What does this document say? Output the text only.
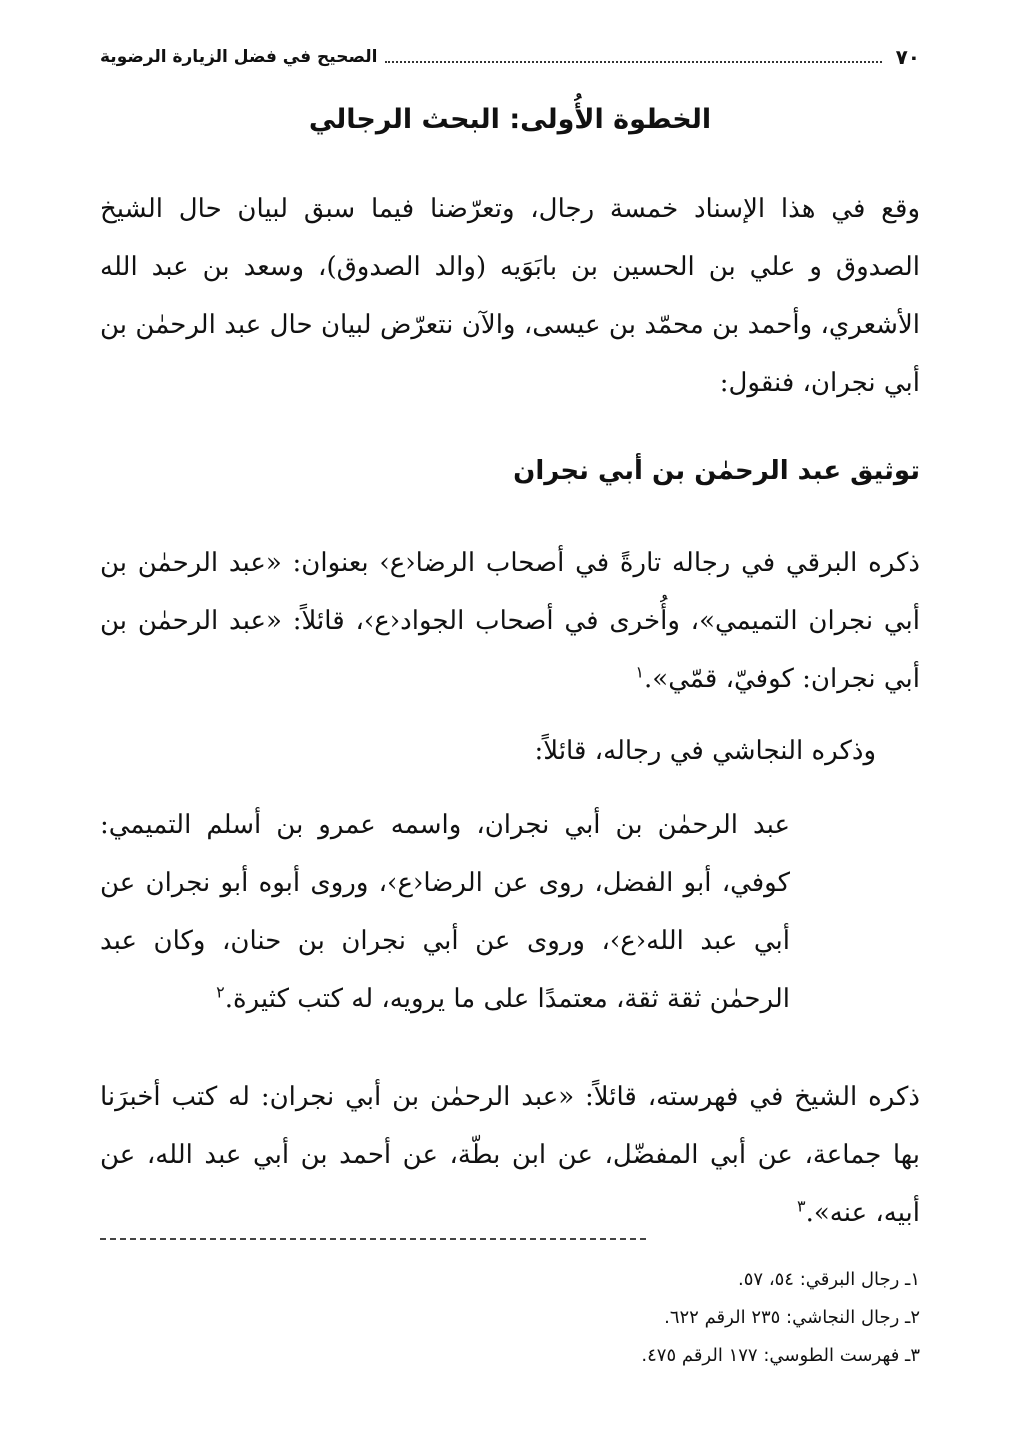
٧٠
الصحيح في فضل الزيارة الرضوية
الخطوة الأُولى: البحث الرجالي

وقع في هذا الإسناد خمسة رجال، وتعرّضنا فيما سبق لبيان حال الشيخ الصدوق و علي بن الحسين بن بابَوَيه (والد الصدوق)، وسعد بن عبد الله الأشعري، وأحمد بن محمّد بن عيسى، والآن نتعرّض لبيان حال عبد الرحمٰن بن أبي نجران، فنقول:

توثيق عبد الرحمٰن بن أبي نجران

ذكره البرقي في رجاله تارةً في أصحاب الرضا‹ع› بعنوان: «عبد الرحمٰن بن أبي نجران التميمي»، وأُخرى في أصحاب الجواد‹ع›، قائلاً: «عبد الرحمٰن بن أبي نجران: كوفيّ، قمّي».$^١$

وذكره النجاشي في رجاله، قائلاً:

عبد الرحمٰن بن أبي نجران، واسمه عمرو بن أسلم التميمي: كوفي، أبو الفضل، روى عن الرضا‹ع›، وروى أبوه أبو نجران عن أبي عبد الله‹ع›، وروى عن أبي نجران بن حنان، وكان عبد الرحمٰن ثقة ثقة، معتمدًا على ما يرويه، له كتب كثيرة.$^٢$

ذكره الشيخ في فهرسته، قائلاً: «عبد الرحمٰن بن أبي نجران: له كتب أخبرَنا بها جماعة، عن أبي المفضّل، عن ابن بطّة، عن أحمد بن أبي عبد الله، عن أبيه، عنه».$^٣$

١ـ رجال البرقي: ٥٤، ٥٧.
٢ـ رجال النجاشي: ٢٣٥ الرقم ٦٢٢.
٣ـ فهرست الطوسي: ١٧٧ الرقم ٤٧٥.
